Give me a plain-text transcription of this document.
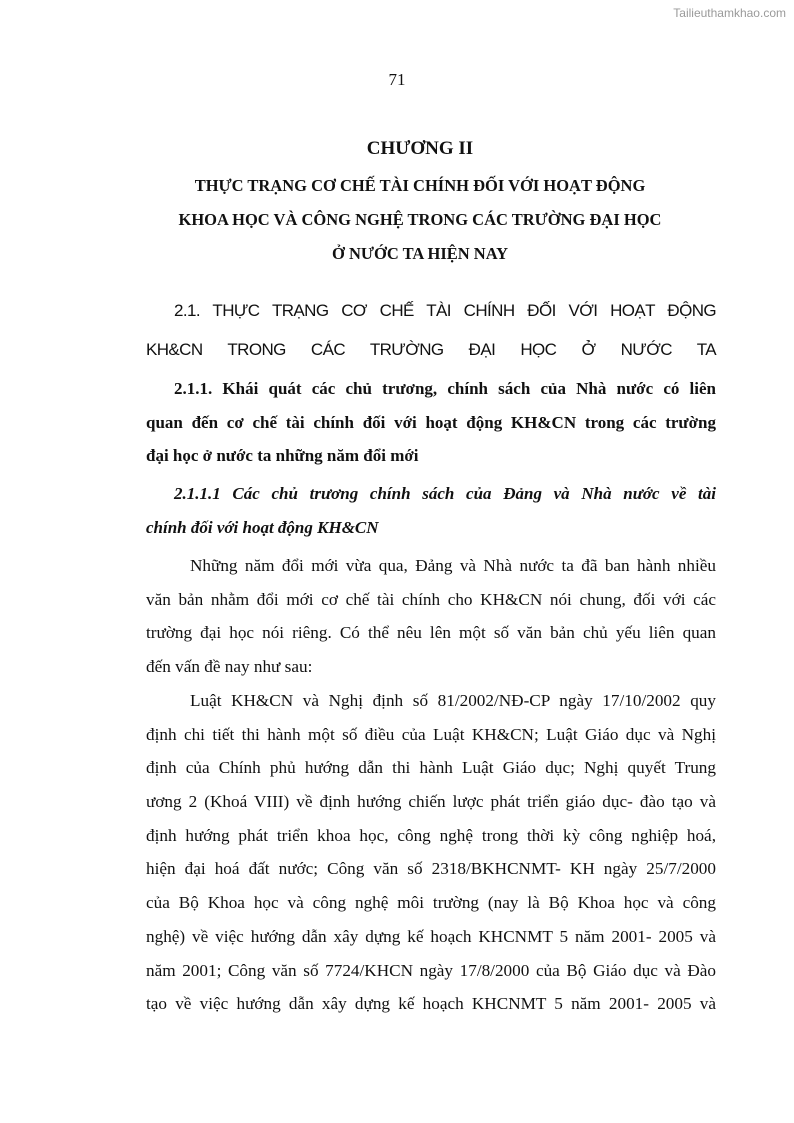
Tailieuthamkhao.com
71
CHƯƠNG II
THỰC TRẠNG CƠ CHẾ TÀI CHÍNH ĐỐI VỚI HOẠT ĐỘNG
KHOA HỌC VÀ CÔNG NGHỆ TRONG CÁC TRƯỜNG ĐẠI HỌC
Ở NƯỚC TA HIỆN NAY
2.1. THỰC TRẠNG CƠ CHẾ TÀI CHÍNH ĐỐI VỚI HOẠT ĐỘNG
KH&CN TRONG CÁC TRƯỜNG ĐẠI HỌC Ở NƯỚC TA
2.1.1. Khái quát các chủ trương, chính sách của Nhà nước có liên
quan đến cơ chế tài chính đối với hoạt động KH&CN trong các trường
đại học ở nước ta những năm đổi mới
2.1.1.1 Các chủ trương chính sách của Đảng và Nhà nước về tài
chính đối với hoạt động KH&CN
Những năm đổi mới vừa qua, Đảng và Nhà nước ta đã ban hành nhiều
văn bản nhằm đổi mới cơ chế tài chính cho KH&CN nói chung, đối với các
trường đại học nói riêng. Có thể nêu lên một số văn bản chủ yếu liên quan
đến vấn đề nay như sau:
Luật KH&CN và Nghị định số 81/2002/NĐ-CP ngày 17/10/2002 quy
định chi tiết thi hành một số điều của Luật KH&CN; Luật Giáo dục và Nghị
định của Chính phủ hướng dẫn thi hành Luật Giáo dục; Nghị quyết Trung
ương 2 (Khoá VIII) về định hướng chiến lược phát triển giáo dục- đào tạo và
định hướng phát triển khoa học, công nghệ trong thời kỳ công nghiệp hoá,
hiện đại hoá đất nước; Công văn số 2318/BKHCNMT- KH ngày 25/7/2000
của Bộ Khoa học và công nghệ môi trường (nay là Bộ Khoa học và công
nghệ) về việc hướng dẫn xây dựng kế hoạch KHCNMT 5 năm 2001- 2005 và
năm 2001; Công văn số 7724/KHCN ngày 17/8/2000 của Bộ Giáo dục và Đào
tạo về việc hướng dẫn xây dựng kế hoạch KHCNMT 5 năm 2001- 2005 và
